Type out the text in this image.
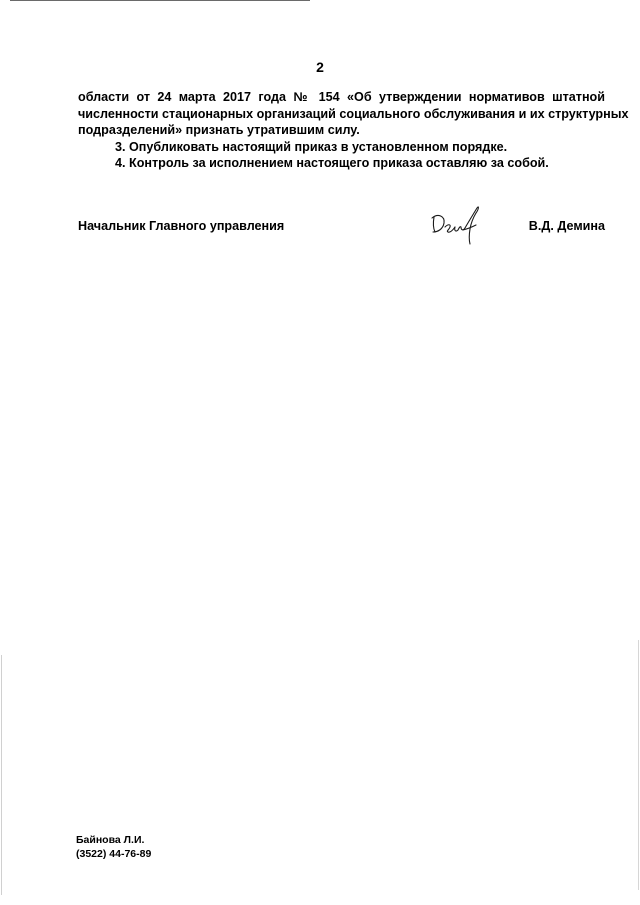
2

области от 24 марта 2017 года № 154 «Об утверждении нормативов штатной
численности стационарных организаций социального обслуживания и их структурных
подразделений» признать утратившим силу.

3. Опубликовать настоящий приказ в установленном порядке.

4. Контроль за исполнением настоящего приказа оставляю за собой.

Начальник Главного управления	В.Д. Демина
Байнова Л.И.
(3522) 44-76-89
